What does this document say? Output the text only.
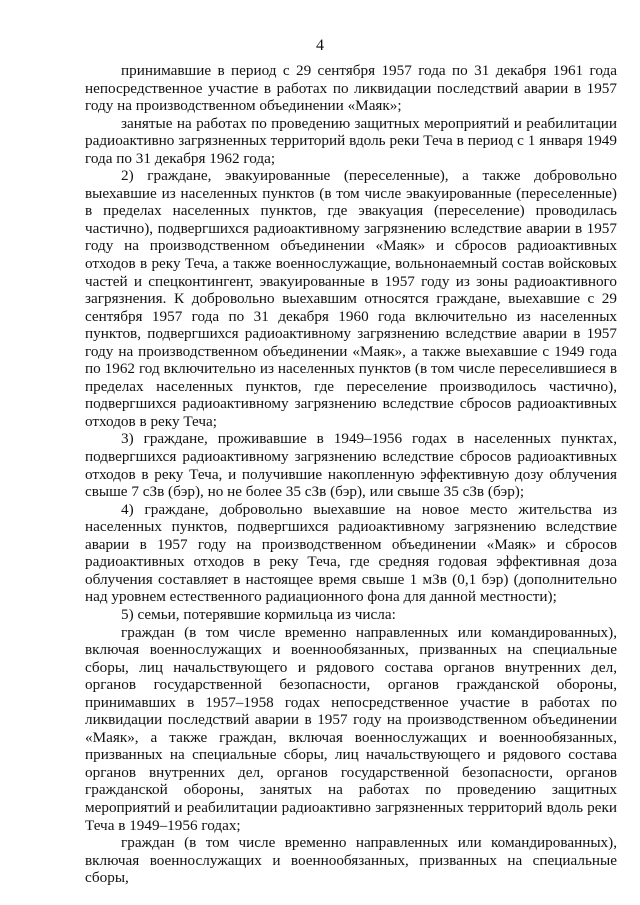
4

принимавшие в период с 29 сентября 1957 года по 31 декабря 1961 года непосредственное участие в работах по ликвидации последствий аварии в 1957 году на производственном объединении «Маяк»;

занятые на работах по проведению защитных мероприятий и реабилитации радиоактивно загрязненных территорий вдоль реки Теча в период с 1 января 1949 года по 31 декабря 1962 года;

2) граждане, эвакуированные (переселенные), а также добровольно выехавшие из населенных пунктов (в том числе эвакуированные (переселенные) в пределах населенных пунктов, где эвакуация (переселение) проводилась частично), подвергшихся радиоактивному загрязнению вследствие аварии в 1957 году на производственном объединении «Маяк» и сбросов радиоактивных отходов в реку Теча, а также военнослужащие, вольнонаемный состав войсковых частей и спецконтингент, эвакуированные в 1957 году из зоны радиоактивного загрязнения. К добровольно выехавшим относятся граждане, выехавшие с 29 сентября 1957 года по 31 декабря 1960 года включительно из населенных пунктов, подвергшихся радиоактивному загрязнению вследствие аварии в 1957 году на производственном объединении «Маяк», а также выехавшие с 1949 года по 1962 год включительно из населенных пунктов (в том числе переселившиеся в пределах населенных пунктов, где переселение производилось частично), подвергшихся радиоактивному загрязнению вследствие сбросов радиоактивных отходов в реку Теча;

3) граждане, проживавшие в 1949–1956 годах в населенных пунктах, подвергшихся радиоактивному загрязнению вследствие сбросов радиоактивных отходов в реку Теча, и получившие накопленную эффективную дозу облучения свыше 7 сЗв (бэр), но не более 35 сЗв (бэр), или свыше 35 сЗв (бэр);

4) граждане, добровольно выехавшие на новое место жительства из населенных пунктов, подвергшихся радиоактивному загрязнению вследствие аварии в 1957 году на производственном объединении «Маяк» и сбросов радиоактивных отходов в реку Теча, где средняя годовая эффективная доза облучения составляет в настоящее время свыше 1 мЗв (0,1 бэр) (дополнительно над уровнем естественного радиационного фона для данной местности);

5) семьи, потерявшие кормильца из числа:

граждан (в том числе временно направленных или командированных), включая военнослужащих и военнообязанных, призванных на специальные сборы, лиц начальствующего и рядового состава органов внутренних дел, органов государственной безопасности, органов гражданской обороны, принимавших в 1957–1958 годах непосредственное участие в работах по ликвидации последствий аварии в 1957 году на производственном объединении «Маяк», а также граждан, включая военнослужащих и военнообязанных, призванных на специальные сборы, лиц начальствующего и рядового состава органов внутренних дел, органов государственной безопасности, органов гражданской обороны, занятых на работах по проведению защитных мероприятий и реабилитации радиоактивно загрязненных территорий вдоль реки Теча в 1949–1956 годах;

граждан (в том числе временно направленных или командированных), включая военнослужащих и военнообязанных, призванных на специальные сборы,
